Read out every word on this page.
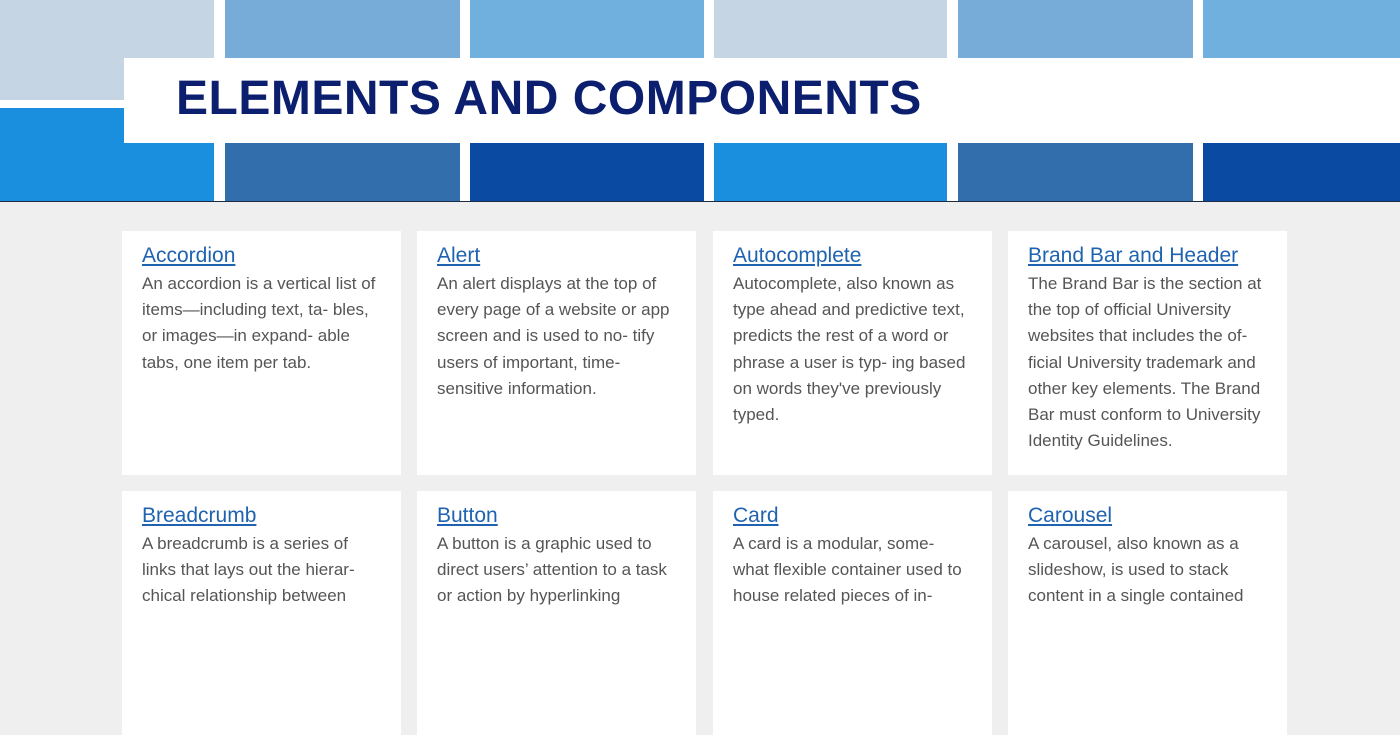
ELEMENTS AND COMPONENTS
Accordion

An accordion is a vertical list of items—including text, ta- bles, or images—in expand- able tabs, one item per tab.

Alert

An alert displays at the top of every page of a website or app screen and is used to no- tify users of important, time- sensitive information.

Autocomplete

Autocomplete, also known as type ahead and predictive text, predicts the rest of a word or phrase a user is typ- ing based on words they've previously typed.

Brand Bar and Header

The Brand Bar is the section at the top of official University websites that includes the of- ficial University trademark and other key elements. The Brand Bar must conform to University Identity Guidelines.

Breadcrumb

A breadcrumb is a series of links that lays out the hierar- chical relationship between

Button

A button is a graphic used to direct users’ attention to a task or action by hyperlinking

Card

A card is a modular, some- what flexible container used to house related pieces of in-

Carousel

A carousel, also known as a slideshow, is used to stack content in a single contained
